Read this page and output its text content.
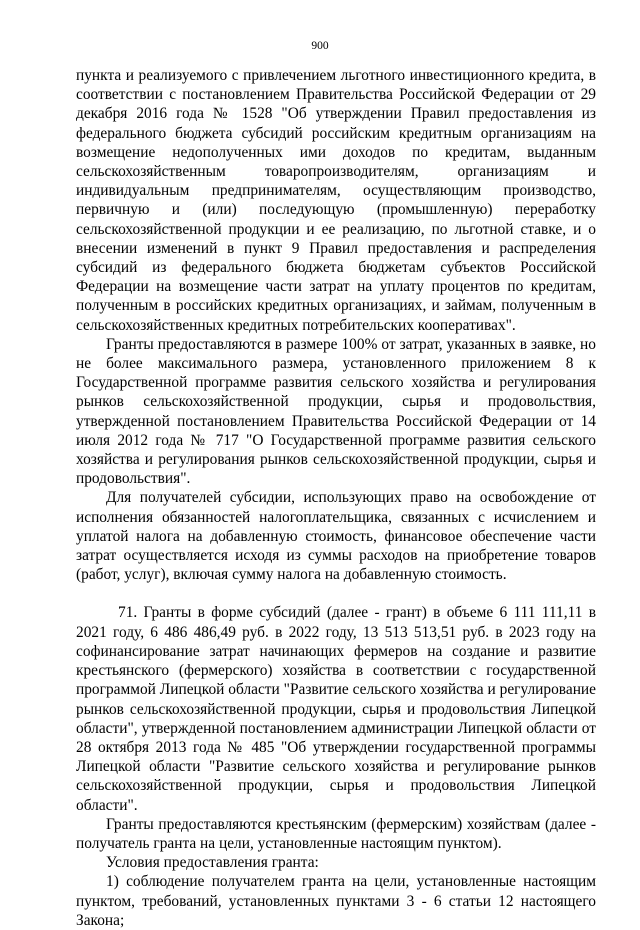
900

пункта и реализуемого с привлечением льготного инвестиционного кредита, в соответствии с постановлением Правительства Российской Федерации от 29 декабря 2016 года № 1528 "Об утверждении Правил предоставления из федерального бюджета субсидий российским кредитным организациям на возмещение недополученных ими доходов по кредитам, выданным сельскохозяйственным товаропроизводителям, организациям и индивидуальным предпринимателям, осуществляющим производство, первичную и (или) последующую (промышленную) переработку сельскохозяйственной продукции и ее реализацию, по льготной ставке, и о внесении изменений в пункт 9 Правил предоставления и распределения субсидий из федерального бюджета бюджетам субъектов Российской Федерации на возмещение части затрат на уплату процентов по кредитам, полученным в российских кредитных организациях, и займам, полученным в сельскохозяйственных кредитных потребительских кооперативах".

Гранты предоставляются в размере 100% от затрат, указанных в заявке, но не более максимального размера, установленного приложением 8 к Государственной программе развития сельского хозяйства и регулирования рынков сельскохозяйственной продукции, сырья и продовольствия, утвержденной постановлением Правительства Российской Федерации от 14 июля 2012 года № 717 "О Государственной программе развития сельского хозяйства и регулирования рынков сельскохозяйственной продукции, сырья и продовольствия".

Для получателей субсидии, использующих право на освобождение от исполнения обязанностей налогоплательщика, связанных с исчислением и уплатой налога на добавленную стоимость, финансовое обеспечение части затрат осуществляется исходя из суммы расходов на приобретение товаров (работ, услуг), включая сумму налога на добавленную стоимость.

71. Гранты в форме субсидий (далее - грант) в объеме 6 111 111,11 в 2021 году, 6 486 486,49 руб. в 2022 году, 13 513 513,51 руб. в 2023 году на софинансирование затрат начинающих фермеров на создание и развитие крестьянского (фермерского) хозяйства в соответствии с государственной программой Липецкой области "Развитие сельского хозяйства и регулирование рынков сельскохозяйственной продукции, сырья и продовольствия Липецкой области", утвержденной постановлением администрации Липецкой области от 28 октября 2013 года № 485 "Об утверждении государственной программы Липецкой области "Развитие сельского хозяйства и регулирование рынков сельскохозяйственной продукции, сырья и продовольствия Липецкой области".

Гранты предоставляются крестьянским (фермерским) хозяйствам (далее - получатель гранта на цели, установленные настоящим пунктом).

Условия предоставления гранта:

1) соблюдение получателем гранта на цели, установленные настоящим пунктом, требований, установленных пунктами 3 - 6 статьи 12 настоящего Закона;
